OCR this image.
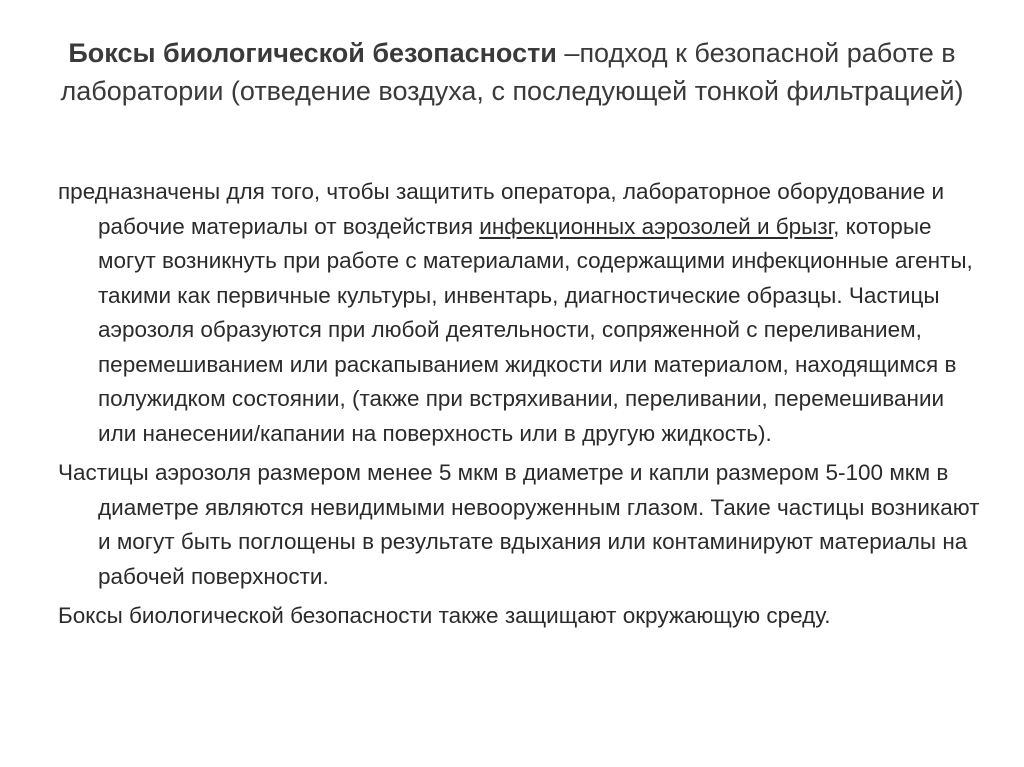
Боксы биологической безопасности –подход к безопасной работе в лаборатории (отведение воздуха, с последующей тонкой фильтрацией)

предназначены для того, чтобы защитить оператора, лабораторное оборудование и рабочие материалы от воздействия инфекционных аэрозолей и брызг, которые могут возникнуть при работе с материалами, содержащими инфекционные агенты, такими как первичные культуры, инвентарь, диагностические образцы. Частицы аэрозоля образуются при любой деятельности, сопряженной с переливанием, перемешиванием или раскапыванием жидкости или материалом, находящимся в полужидком состоянии, (также при встряхивании, переливании, перемешивании или нанесении/капании на поверхность или в другую жидкость).

Частицы аэрозоля размером менее 5 мкм в диаметре и капли размером 5-100 мкм в диаметре являются невидимыми невооруженным глазом. Такие частицы возникают и могут быть поглощены в результате вдыхания или контаминируют материалы на рабочей поверхности.

Боксы биологической безопасности также защищают окружающую среду.
